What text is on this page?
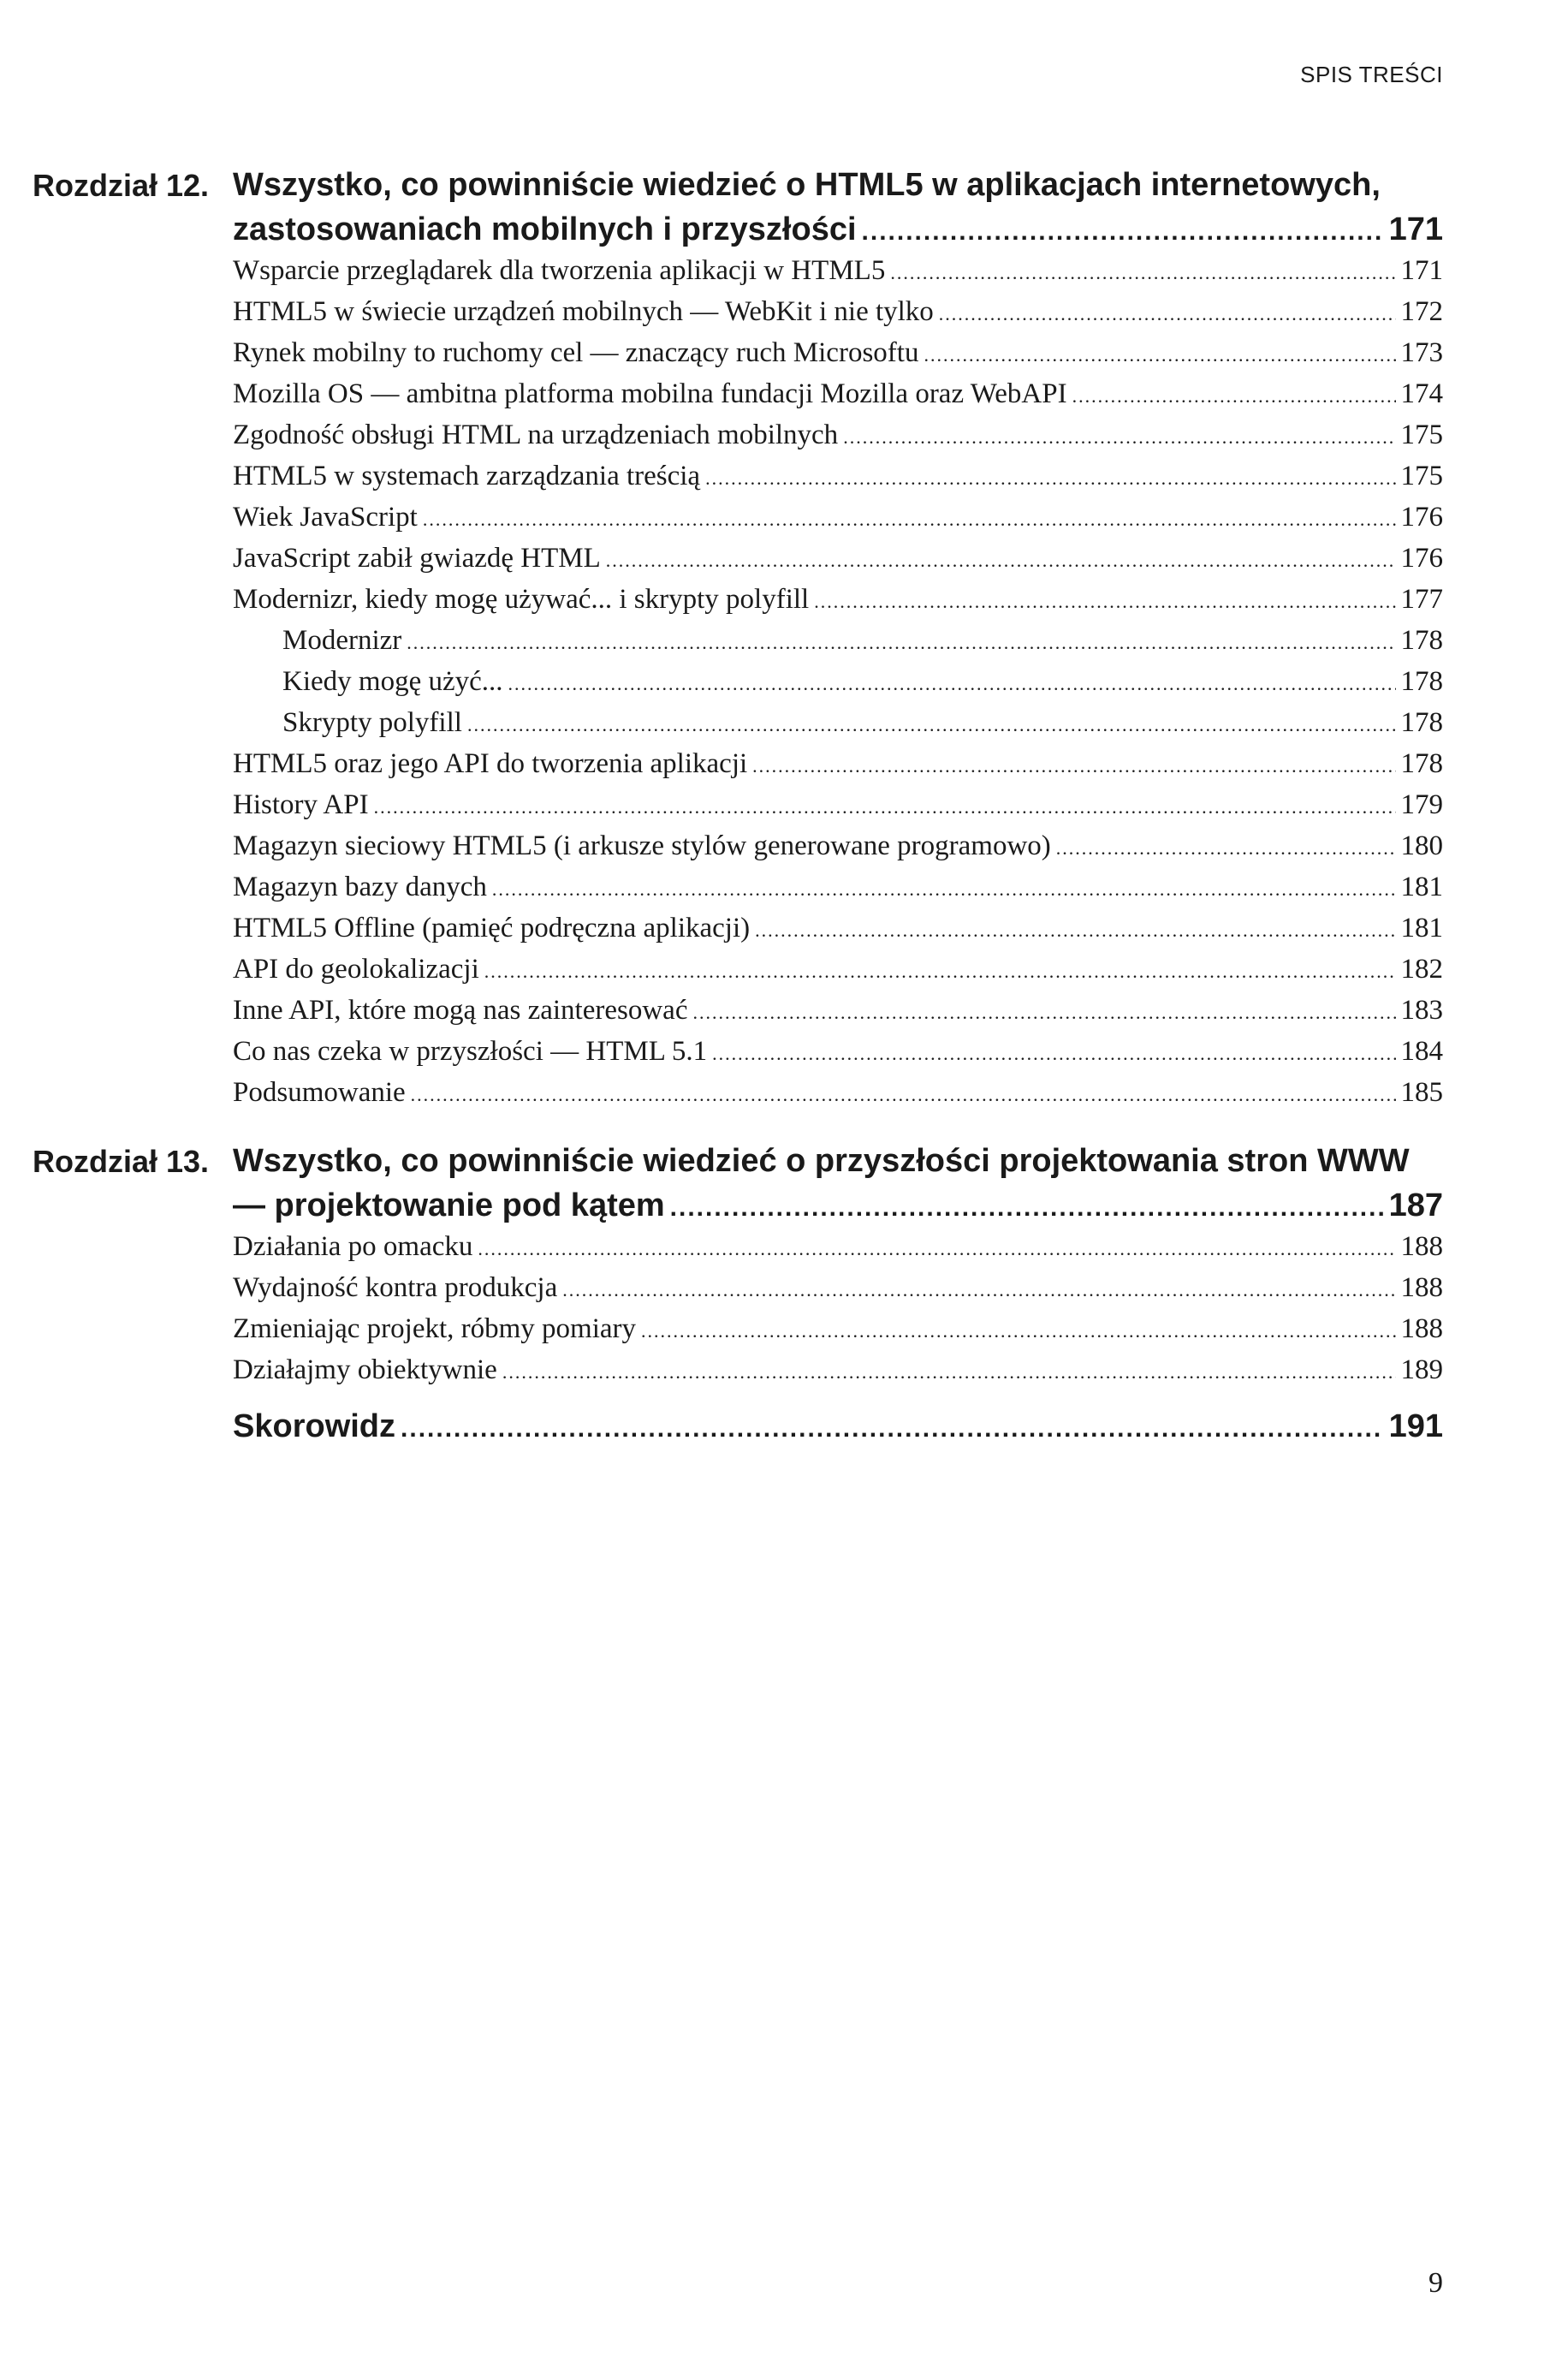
SPIS TREŚCI
Rozdział 12. Wszystko, co powinniście wiedzieć o HTML5 w aplikacjach internetowych,
zastosowaniach mobilnych i przyszłości .....	171
Wsparcie przeglądarek dla tworzenia aplikacji w HTML5 .....	171
HTML5 w świecie urządzeń mobilnych — WebKit i nie tylko .....	172
Rynek mobilny to ruchomy cel — znaczący ruch Microsoftu .....	173
Mozilla OS — ambitna platforma mobilna fundacji Mozilla oraz WebAPI .....	174
Zgodność obsługi HTML na urządzeniach mobilnych .....	175
HTML5 w systemach zarządzania treścią .....	175
Wiek JavaScript .....	176
JavaScript zabił gwiazdę HTML .....	176
Modernizr, kiedy mogę używać... i skrypty polyfill .....	177
Modernizr .....	178
Kiedy mogę użyć... .....	178
Skrypty polyfill .....	178
HTML5 oraz jego API do tworzenia aplikacji .....	178
History API .....	179
Magazyn sieciowy HTML5 (i arkusze stylów generowane programowo) .....	180
Magazyn bazy danych .....	181
HTML5 Offline (pamięć podręczna aplikacji) .....	181
API do geolokalizacji .....	182
Inne API, które mogą nas zainteresować .....	183
Co nas czeka w przyszłości — HTML 5.1 .....	184
Podsumowanie .....	185
Rozdział 13. Wszystko, co powinniście wiedzieć o przyszłości projektowania stron WWW
— projektowanie pod kątem .....	187
Działania po omacku .....	188
Wydajność kontra produkcja .....	188
Zmieniając projekt, róbmy pomiary .....	188
Działajmy obiektywnie .....	189
Skorowidz .....	191
9
